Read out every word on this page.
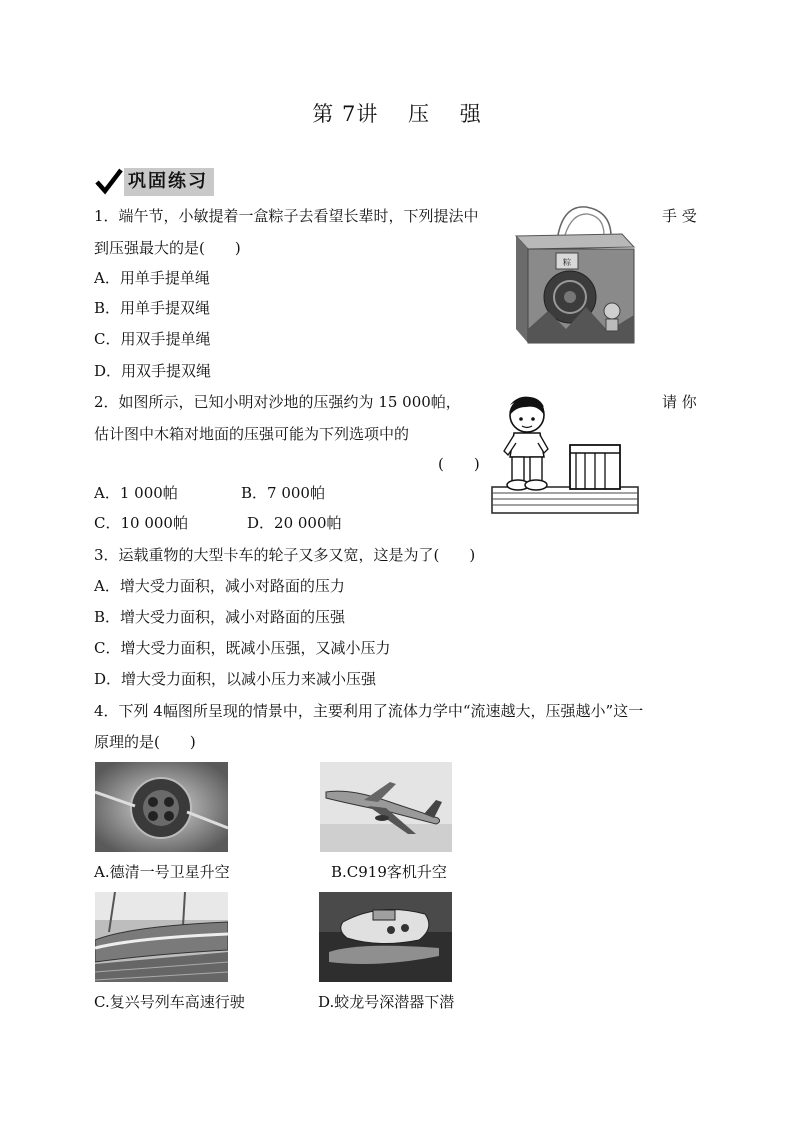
第 7讲　 压　 强
巩固练习
1．端午节，小敏提着一盒粽子去看望长辈时，下列提法中	手 受
到压强最大的是(　　)
A．用单手提单绳
B．用单手提双绳
C．用双手提单绳
D．用双手提双绳
粽
2．如图所示，已知小明对沙地的压强约为 15 000帕，	请 你
估计图中木箱对地面的压强可能为下列选项中的
(　　)
A．1 000帕	B．7 000帕
C．10 000帕	D．20 000帕
3．运载重物的大型卡车的轮子又多又宽，这是为了(　　)
A．增大受力面积，减小对路面的压力
B．增大受力面积，减小对路面的压强
C．增大受力面积，既减小压强，又减小压力
D．增大受力面积，以减小压力来减小压强
4．下列 4幅图所呈现的情景中，主要利用了流体力学中“流速越大，压强越小”这一
原理的是(　　)
A.德清一号卫星升空	B.C919客机升空
C.复兴号列车高速行驶	D.蛟龙号深潜器下潜
